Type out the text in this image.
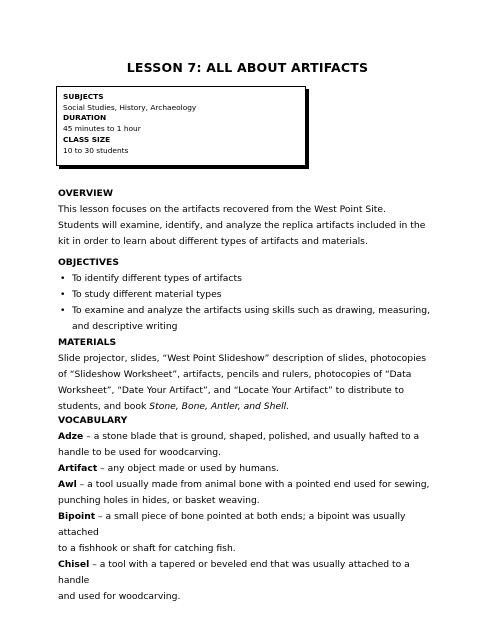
LESSON 7: ALL ABOUT ARTIFACTS
SUBJECTS
Social Studies, History, Archaeology
DURATION
45 minutes to 1 hour
CLASS SIZE
10 to 30 students
OVERVIEW
This lesson focuses on the artifacts recovered from the West Point Site.
Students will examine, identify, and analyze the replica artifacts included in the
kit in order to learn about different types of artifacts and materials.
OBJECTIVES
• To identify different types of artifacts
• To study different material types
• To examine and analyze the artifacts using skills such as drawing, measuring,
and descriptive writing
MATERIALS
Slide projector, slides, “West Point Slideshow” description of slides, photocopies
of “Slideshow Worksheet”, artifacts, pencils and rulers, photocopies of “Data
Worksheet”, “Date Your Artifact”, and “Locate Your Artifact” to distribute to
students, and book Stone, Bone, Antler, and Shell.
VOCABULARY
Adze – a stone blade that is ground, shaped, polished, and usually hafted to a
handle to be used for woodcarving.
Artifact – any object made or used by humans.
Awl – a tool usually made from animal bone with a pointed end used for sewing,
punching holes in hides, or basket weaving.
Bipoint – a small piece of bone pointed at both ends; a bipoint was usually attached
to a fishhook or shaft for catching fish.
Chisel – a tool with a tapered or beveled end that was usually attached to a handle
and used for woodcarving.
